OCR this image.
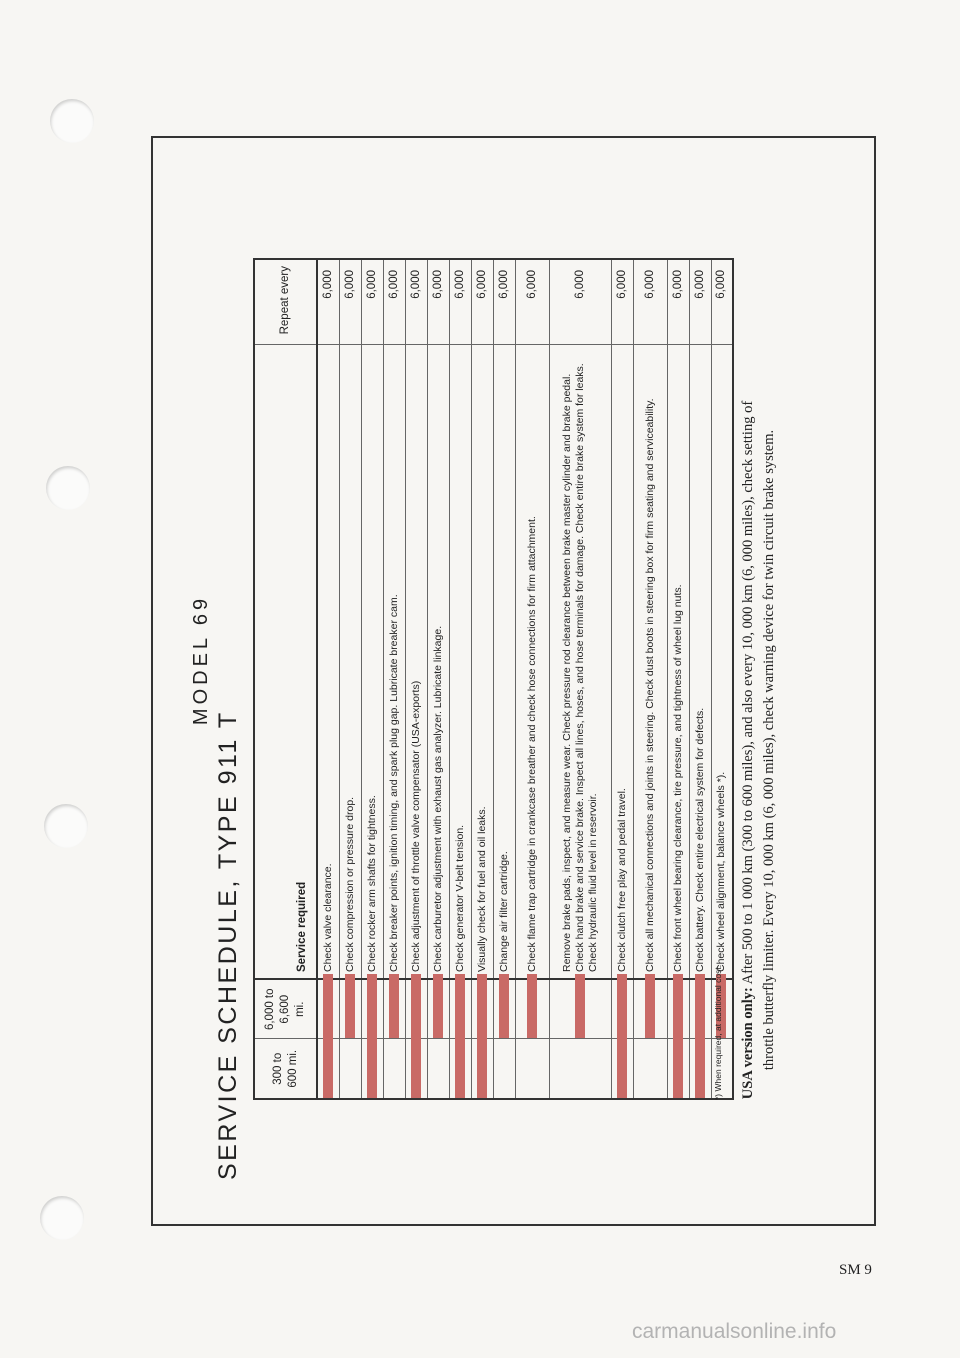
MODEL 69
SERVICE SCHEDULE, TYPE 911 T	300 to 600 mi.	6,000 to 6,600 mi.	Service required	Repeat every
		Check valve clearance.	6,000
		Check compression or pressure drop.	6,000
		Check rocker arm shafts for tightness.	6,000
		Check breaker points, ignition timing, and spark plug gap. Lubricate breaker cam.	6,000
		Check adjustment of throttle valve compensator (USA-exports)	6,000
		Check carburetor adjustment with exhaust gas analyzer. Lubricate linkage.	6,000
		Check generator V-belt tension.	6,000
		Visually check for fuel and oil leaks.	6,000
		Change air filter cartridge.	6,000
		Check flame trap cartridge in crankcase breather and check hose connections for firm attachment.	6,000
		Remove brake pads, inspect, and measure wear. Check pressure rod clearance between brake master cylinder and brake pedal. Check hand brake and service brake. Inspect all lines, hoses, and hose terminals for damage. Check entire brake system for leaks. Check hydraulic fluid level in reservoir.	6,000
		Check clutch free play and pedal travel.	6,000
		Check all mechanical connections and joints in steering. Check dust boots in steering box for firm seating and serviceability.	6,000
		Check front wheel bearing clearance, tire pressure, and tightness of wheel lug nuts.	6,000
		Check battery. Check entire electrical system for defects.	6,000
		Check wheel alignment, balance wheels *).	6,000
*) When required, at additional cost. USA version only: After 500 to 1 000 km (300 to 600 miles), and also every 10, 000 km (6, 000 miles), check setting of throttle butterfly limiter. Every 10, 000 km (6, 000 miles), check warning device for twin circuit brake system.
SM 9
carmanualsonline.info
